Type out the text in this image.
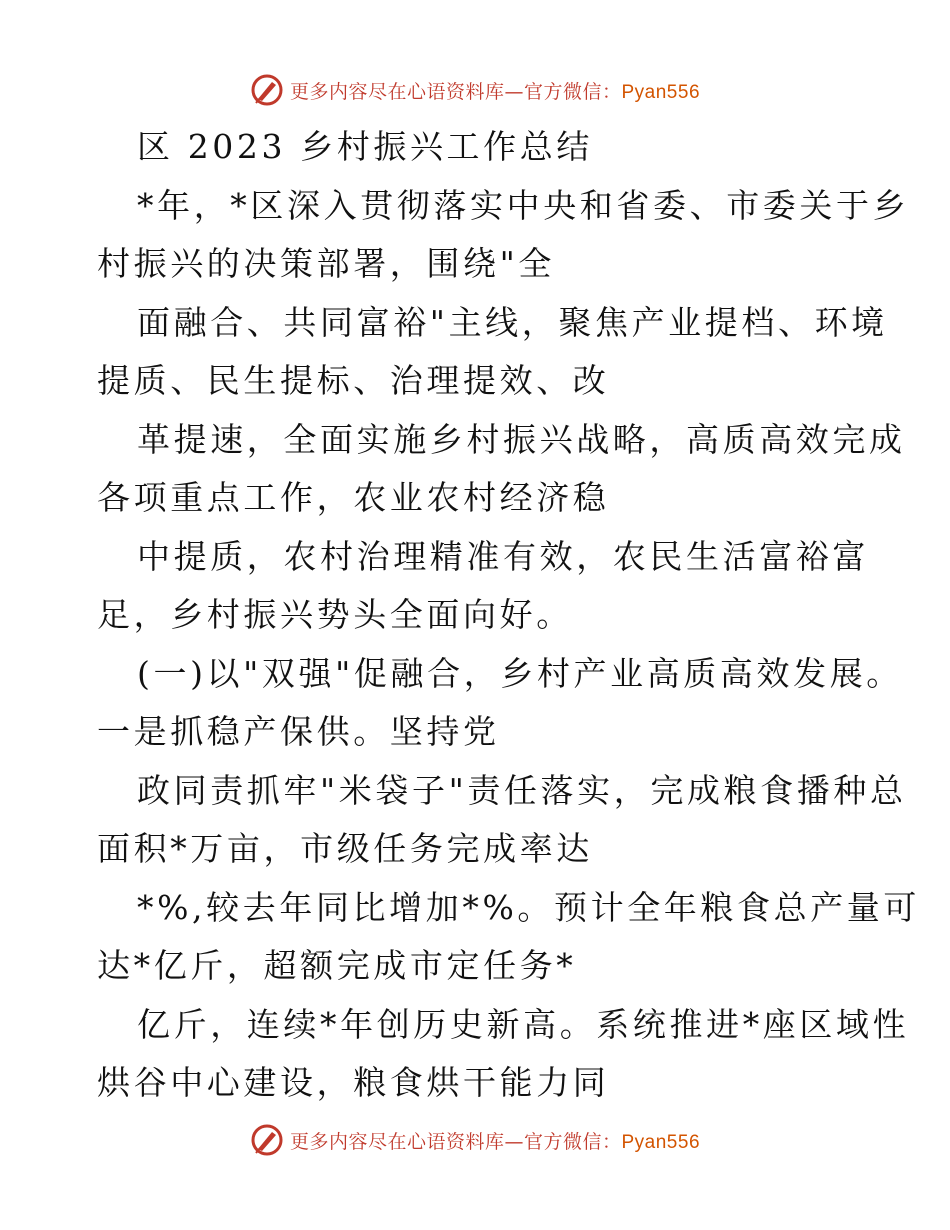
更多内容尽在心语资料库—官方微信：Pyan556
区 2023 乡村振兴工作总结
*年，*区深入贯彻落实中央和省委、市委关于乡
村振兴的决策部署，围绕"全
面融合、共同富裕"主线，聚焦产业提档、环境
提质、民生提标、治理提效、改
革提速，全面实施乡村振兴战略，高质高效完成
各项重点工作，农业农村经济稳
中提质，农村治理精准有效，农民生活富裕富
足，乡村振兴势头全面向好。
(一)以"双强"促融合，乡村产业高质高效发展。
一是抓稳产保供。坚持党
政同责抓牢"米袋子"责任落实，完成粮食播种总
面积*万亩，市级任务完成率达
*%,较去年同比增加*%。预计全年粮食总产量可
达*亿斤，超额完成市定任务*
亿斤，连续*年创历史新高。系统推进*座区域性
烘谷中心建设，粮食烘干能力同
更多内容尽在心语资料库—官方微信：Pyan556
